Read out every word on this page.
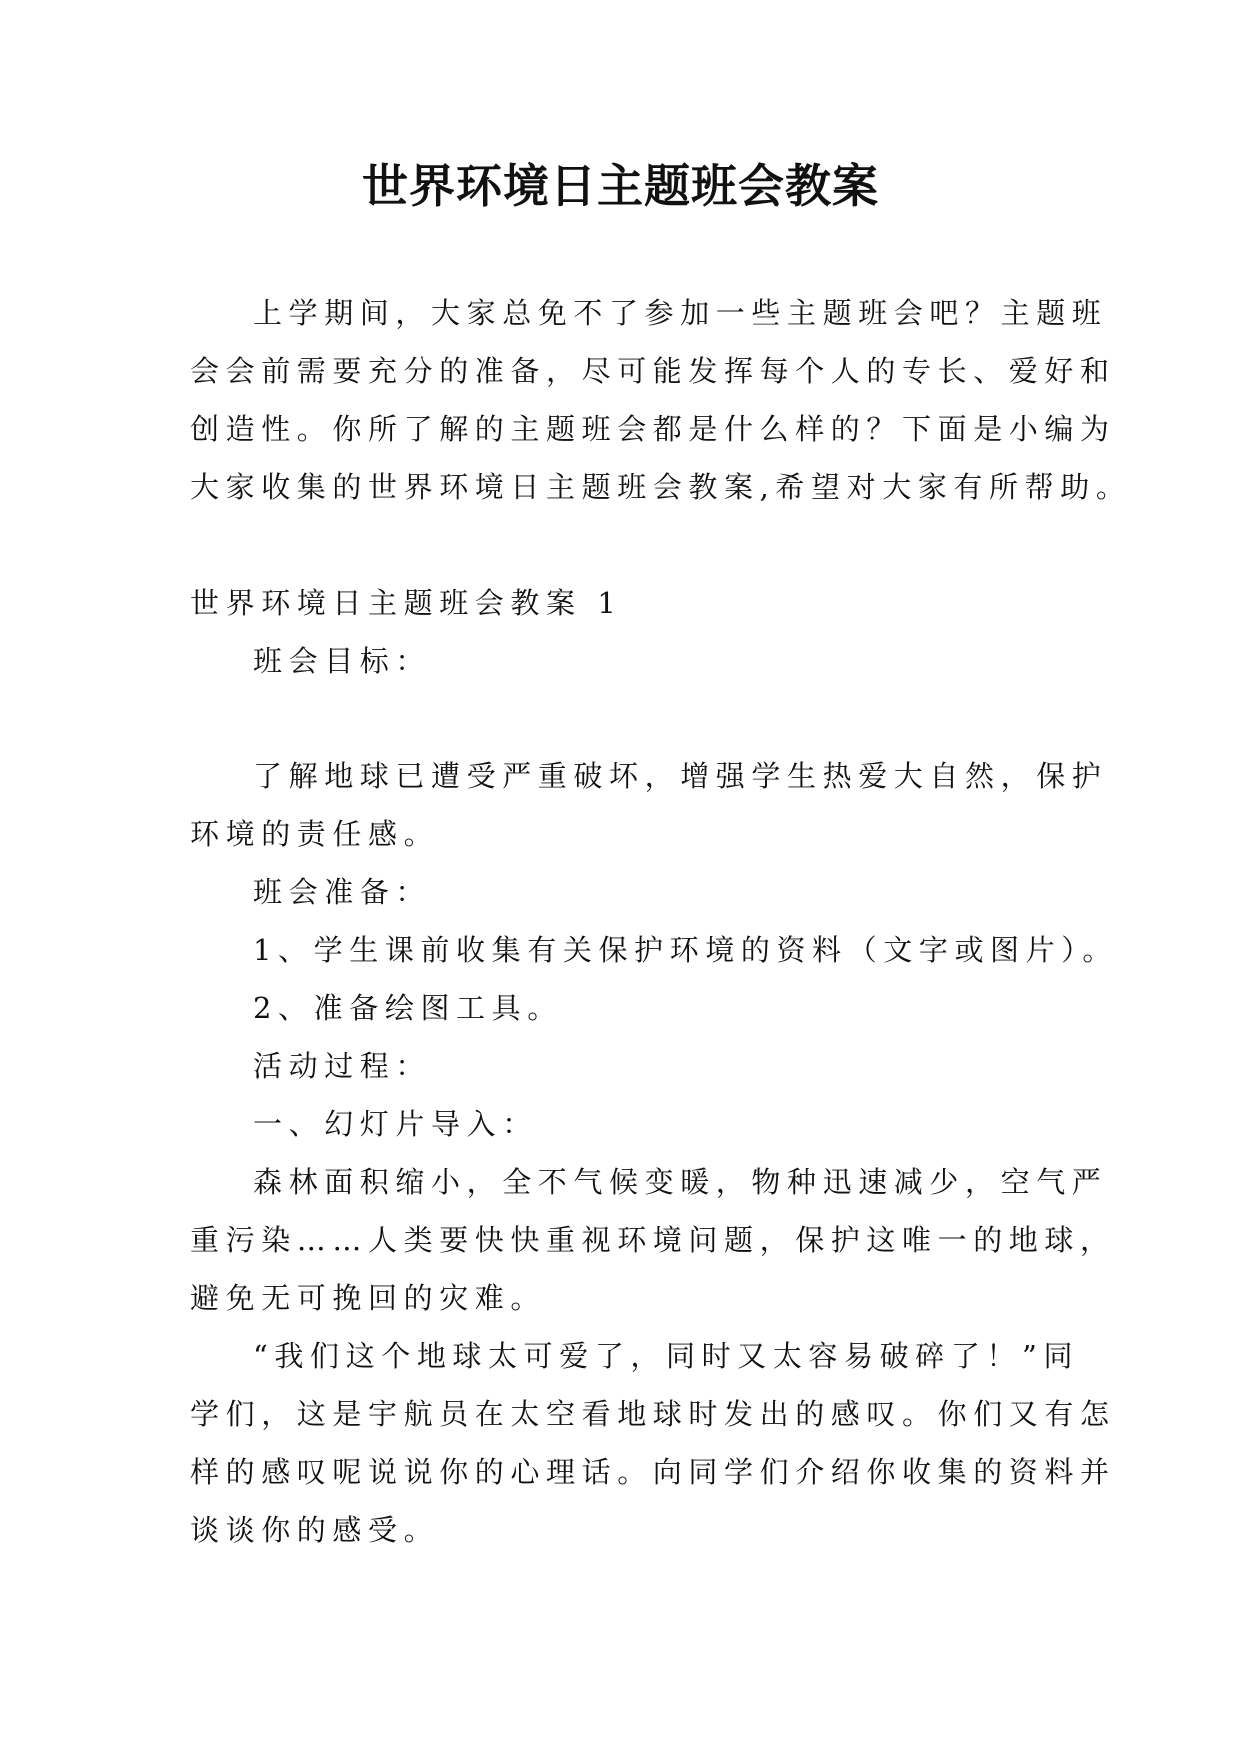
世界环境日主题班会教案
上学期间，大家总免不了参加一些主题班会吧？主题班
会会前需要充分的准备，尽可能发挥每个人的专长、爱好和
创造性。你所了解的主题班会都是什么样的？下面是小编为
大家收集的世界环境日主题班会教案,希望对大家有所帮助。
世界环境日主题班会教案 1
班会目标：
了解地球已遭受严重破坏，增强学生热爱大自然，保护
环境的责任感。
班会准备：
1、学生课前收集有关保护环境的资料（文字或图片）。
2、准备绘图工具。
活动过程：
一、幻灯片导入：
森林面积缩小，全不气候变暖，物种迅速减少，空气严
重污染……人类要快快重视环境问题，保护这唯一的地球，
避免无可挽回的灾难。
“我们这个地球太可爱了，同时又太容易破碎了！”同
学们，这是宇航员在太空看地球时发出的感叹。你们又有怎
样的感叹呢说说你的心理话。向同学们介绍你收集的资料并
谈谈你的感受。
